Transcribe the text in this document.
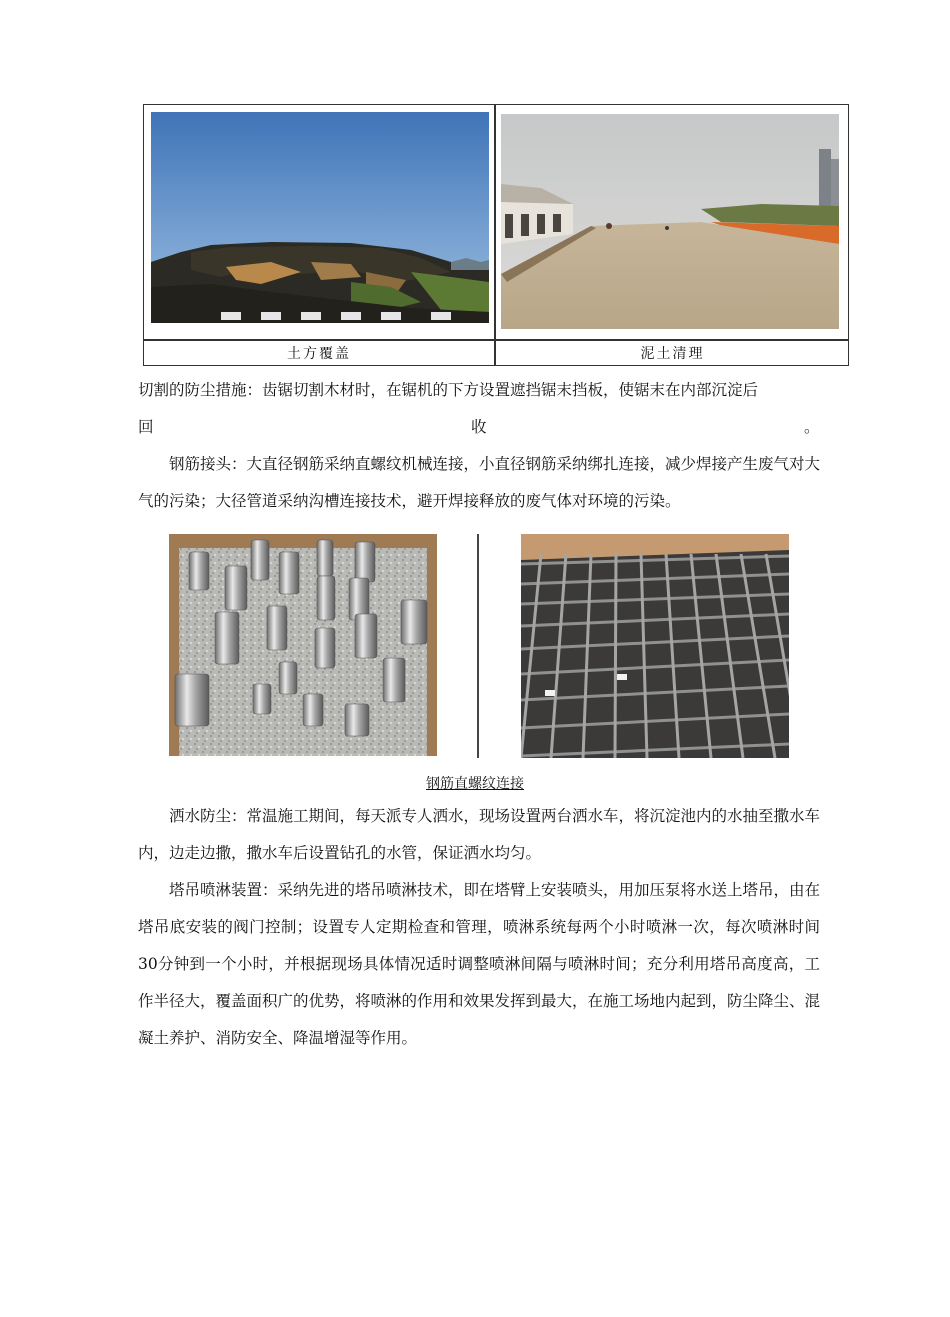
土方覆盖	泥土清理
切割的防尘措施：齿锯切割木材时，在锯机的下方设置遮挡锯末挡板，使锯末在内部沉淀后
回	收	。
钢筋接头：大直径钢筋采纳直螺纹机械连接，小直径钢筋采纳绑扎连接，减少焊接产生废气对大气的污染；大径管道采纳沟槽连接技术，避开焊接释放的废气体对环境的污染。
钢筋直螺纹连接
洒水防尘：常温施工期间，每天派专人洒水，现场设置两台洒水车，将沉淀池内的水抽至撒水车内，边走边撒，撒水车后设置钻孔的水管，保证洒水均匀。
塔吊喷淋装置：采纳先进的塔吊喷淋技术，即在塔臂上安装喷头，用加压泵将水送上塔吊，由在塔吊底安装的阀门控制；设置专人定期检查和管理，喷淋系统每两个小时喷淋一次，每次喷淋时间30分钟到一个小时，并根据现场具体情况适时调整喷淋间隔与喷淋时间；充分利用塔吊高度高，工作半径大，覆盖面积广的优势，将喷淋的作用和效果发挥到最大，在施工场地内起到，防尘降尘、混凝土养护、消防安全、降温增湿等作用。
